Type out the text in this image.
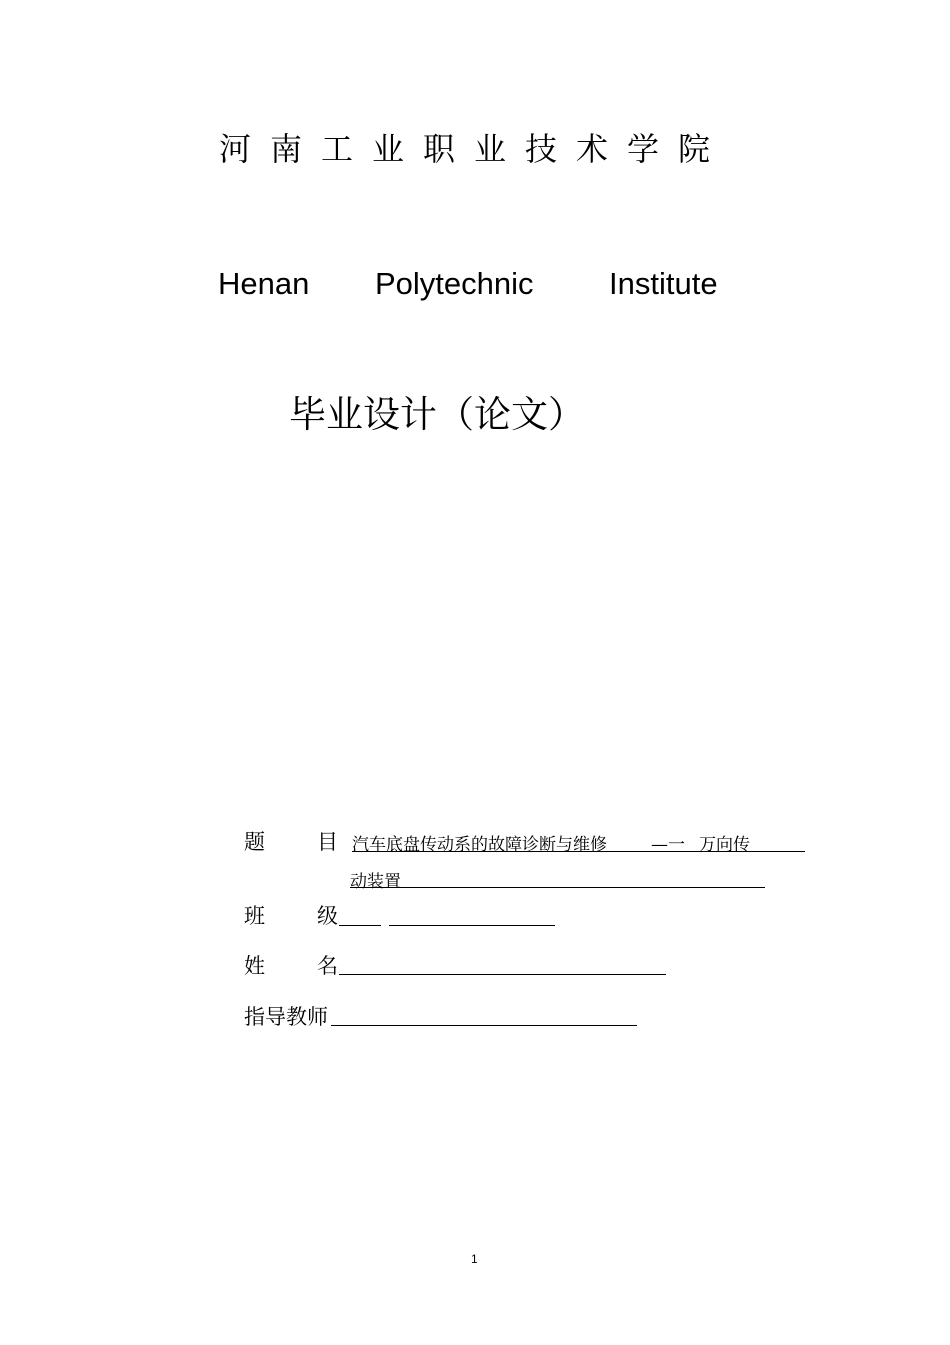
河南工业职业技术学院
Henan Polytechnic Institute
毕业设计（论文）
题 目 汽车底盘传动系的故障诊断与维修	—一 万向传
动装置
班 级
姓 名
指导教师
1
